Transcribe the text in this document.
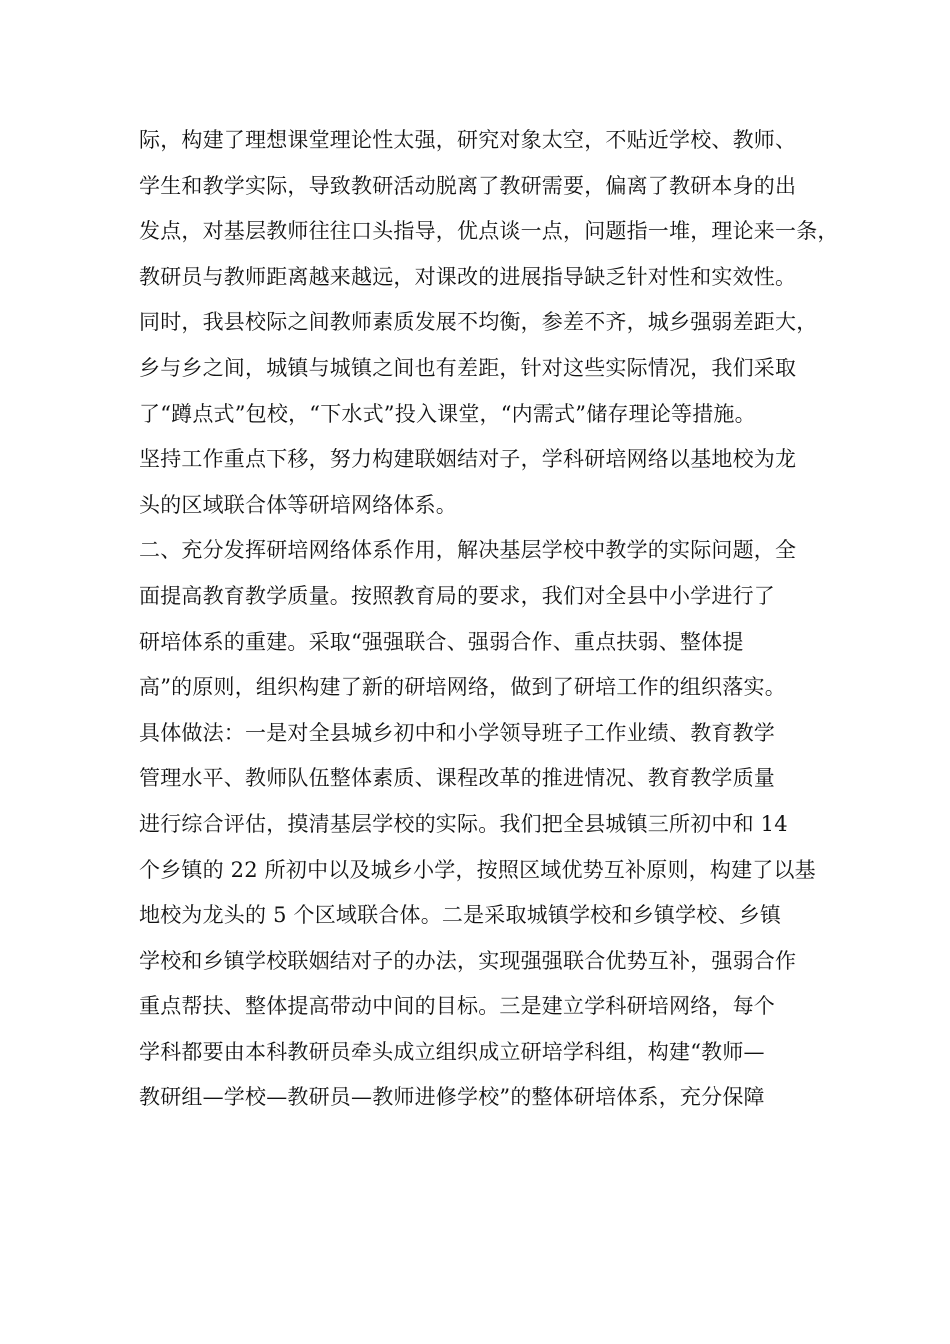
际，构建了理想课堂理论性太强，研究对象太空，不贴近学校、教师、
学生和教学实际，导致教研活动脱离了教研需要，偏离了教研本身的出
发点，对基层教师往往口头指导，优点谈一点，问题指一堆，理论来一条，
教研员与教师距离越来越远，对课改的进展指导缺乏针对性和实效性。
同时，我县校际之间教师素质发展不均衡，参差不齐，城乡强弱差距大，
乡与乡之间，城镇与城镇之间也有差距，针对这些实际情况，我们采取
了“蹲点式”包校，“下水式”投入课堂，“内需式”储存理论等措施。
坚持工作重点下移，努力构建联姻结对子，学科研培网络以基地校为龙
头的区域联合体等研培网络体系。
二、充分发挥研培网络体系作用，解决基层学校中教学的实际问题，全
面提高教育教学质量。按照教育局的要求，我们对全县中小学进行了
研培体系的重建。采取“强强联合、强弱合作、重点扶弱、整体提
高”的原则，组织构建了新的研培网络，做到了研培工作的组织落实。
具体做法：一是对全县城乡初中和小学领导班子工作业绩、教育教学
管理水平、教师队伍整体素质、课程改革的推进情况、教育教学质量
进行综合评估，摸清基层学校的实际。我们把全县城镇三所初中和 14
个乡镇的 22 所初中以及城乡小学，按照区域优势互补原则，构建了以基
地校为龙头的 5 个区域联合体。二是采取城镇学校和乡镇学校、乡镇
学校和乡镇学校联姻结对子的办法，实现强强联合优势互补，强弱合作
重点帮扶、整体提高带动中间的目标。三是建立学科研培网络，每个
学科都要由本科教研员牵头成立组织成立研培学科组，构建“教师—
教研组—学校—教研员—教师进修学校”的整体研培体系，充分保障
